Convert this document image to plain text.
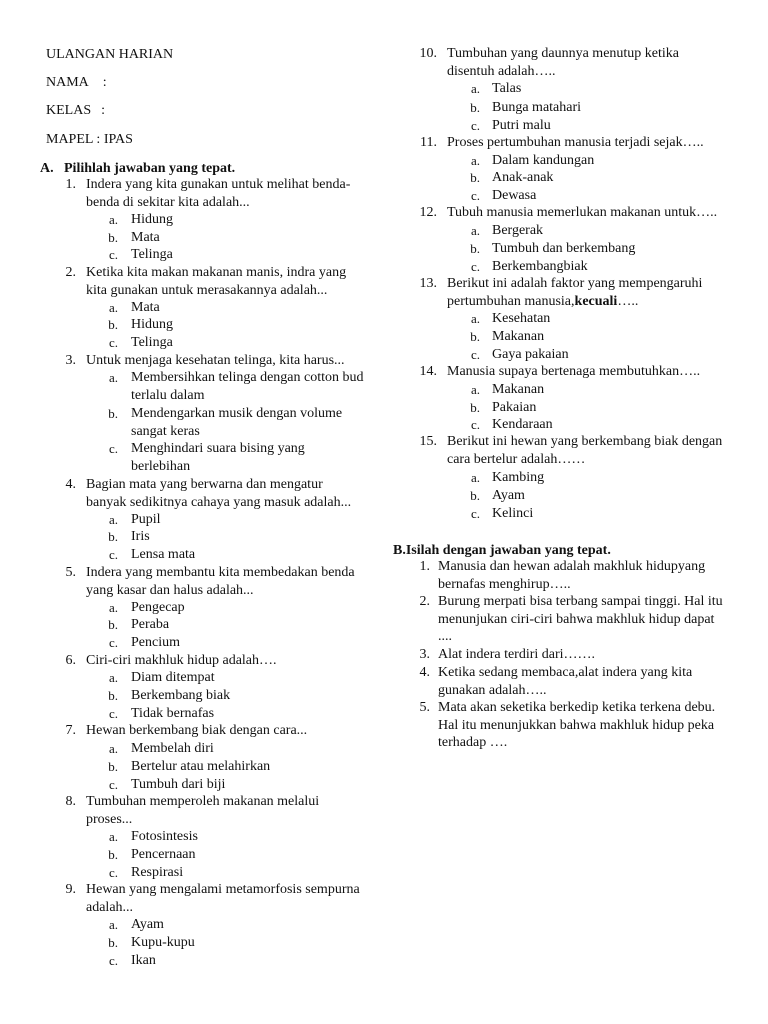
ULANGAN HARIAN
NAMA :
KELAS :
MAPEL : IPAS
A. Pilihlah jawaban yang tepat.
1. Indera yang kita gunakan untuk melihat benda-benda di sekitar kita adalah...
a. Hidung
b. Mata
c. Telinga
2. Ketika kita makan makanan manis, indra yang kita gunakan untuk merasakannya adalah...
a. Mata
b. Hidung
c. Telinga
3. Untuk menjaga kesehatan telinga, kita harus...
a. Membersihkan telinga dengan cotton bud terlalu dalam
b. Mendengarkan musik dengan volume sangat keras
c. Menghindari suara bising yang berlebihan
4. Bagian mata yang berwarna dan mengatur banyak sedikitnya cahaya yang masuk adalah...
a. Pupil
b. Iris
c. Lensa mata
5. Indera yang membantu kita membedakan benda yang kasar dan halus adalah...
a. Pengecap
b. Peraba
c. Pencium
6. Ciri-ciri makhluk hidup adalah….
a. Diam ditempat
b. Berkembang biak
c. Tidak bernafas
7. Hewan berkembang biak dengan cara...
a. Membelah diri
b. Bertelur atau melahirkan
c. Tumbuh dari biji
8. Tumbuhan memperoleh makanan melalui proses...
a. Fotosintesis
b. Pencernaan
c. Respirasi
9. Hewan yang mengalami metamorfosis sempurna adalah...
a. Ayam
b. Kupu-kupu
c. Ikan
10. Tumbuhan yang daunnya menutup ketika disentuh adalah…..
a. Talas
b. Bunga matahari
c. Putri malu
11. Proses pertumbuhan manusia terjadi sejak…..
a. Dalam kandungan
b. Anak-anak
c. Dewasa
12. Tubuh manusia memerlukan makanan untuk…..
a. Bergerak
b. Tumbuh dan berkembang
c. Berkembangbiak
13. Berikut ini adalah faktor yang mempengaruhi pertumbuhan manusia,kecuali…..
a. Kesehatan
b. Makanan
c. Gaya pakaian
14. Manusia supaya bertenaga membutuhkan…..
a. Makanan
b. Pakaian
c. Kendaraan
15. Berikut ini hewan yang berkembang biak dengan cara bertelur adalah……
a. Kambing
b. Ayam
c. Kelinci
B.Isilah dengan jawaban yang tepat.
1. Manusia dan hewan adalah makhluk hidupyang bernafas menghirup…..
2. Burung merpati bisa terbang sampai tinggi. Hal itu menunjukan ciri-ciri bahwa makhluk hidup dapat ....
3. Alat indera terdiri dari…….
4. Ketika sedang membaca,alat indera yang kita gunakan adalah…..
5. Mata akan seketika berkedip ketika terkena debu. Hal itu menunjukkan bahwa makhluk hidup peka terhadap ….
